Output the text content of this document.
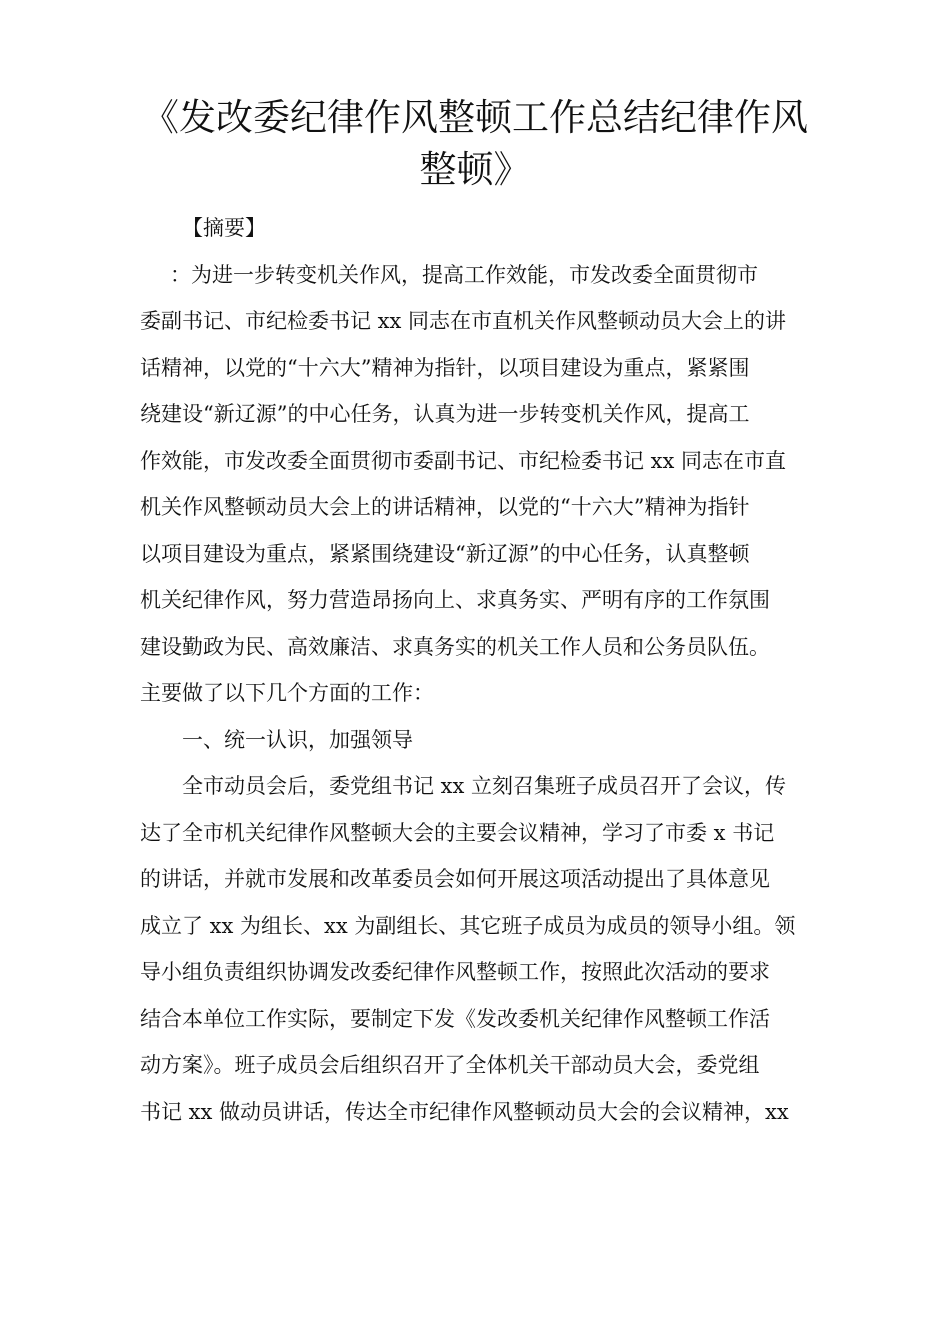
《发改委纪律作风整顿工作总结纪律作风
整顿》
【摘要】
：为进一步转变机关作风，提高工作效能，市发改委全面贯彻市
委副书记、市纪检委书记 xx 同志在市直机关作风整顿动员大会上的讲
话精神，以党的“十六大”精神为指针，以项目建设为重点，紧紧围
绕建设“新辽源”的中心任务，认真为进一步转变机关作风，提高工
作效能，市发改委全面贯彻市委副书记、市纪检委书记 xx 同志在市直
机关作风整顿动员大会上的讲话精神，以党的“十六大”精神为指针
以项目建设为重点，紧紧围绕建设“新辽源”的中心任务，认真整顿
机关纪律作风，努力营造昂扬向上、求真务实、严明有序的工作氛围
建设勤政为民、高效廉洁、求真务实的机关工作人员和公务员队伍。
主要做了以下几个方面的工作：
一、统一认识，加强领导
全市动员会后，委党组书记 xx 立刻召集班子成员召开了会议，传
达了全市机关纪律作风整顿大会的主要会议精神，学习了市委 x 书记
的讲话，并就市发展和改革委员会如何开展这项活动提出了具体意见
成立了 xx 为组长、xx 为副组长、其它班子成员为成员的领导小组。领
导小组负责组织协调发改委纪律作风整顿工作，按照此次活动的要求
结合本单位工作实际，要制定下发《发改委机关纪律作风整顿工作活
动方案》。班子成员会后组织召开了全体机关干部动员大会，委党组
书记 xx 做动员讲话，传达全市纪律作风整顿动员大会的会议精神，xx
